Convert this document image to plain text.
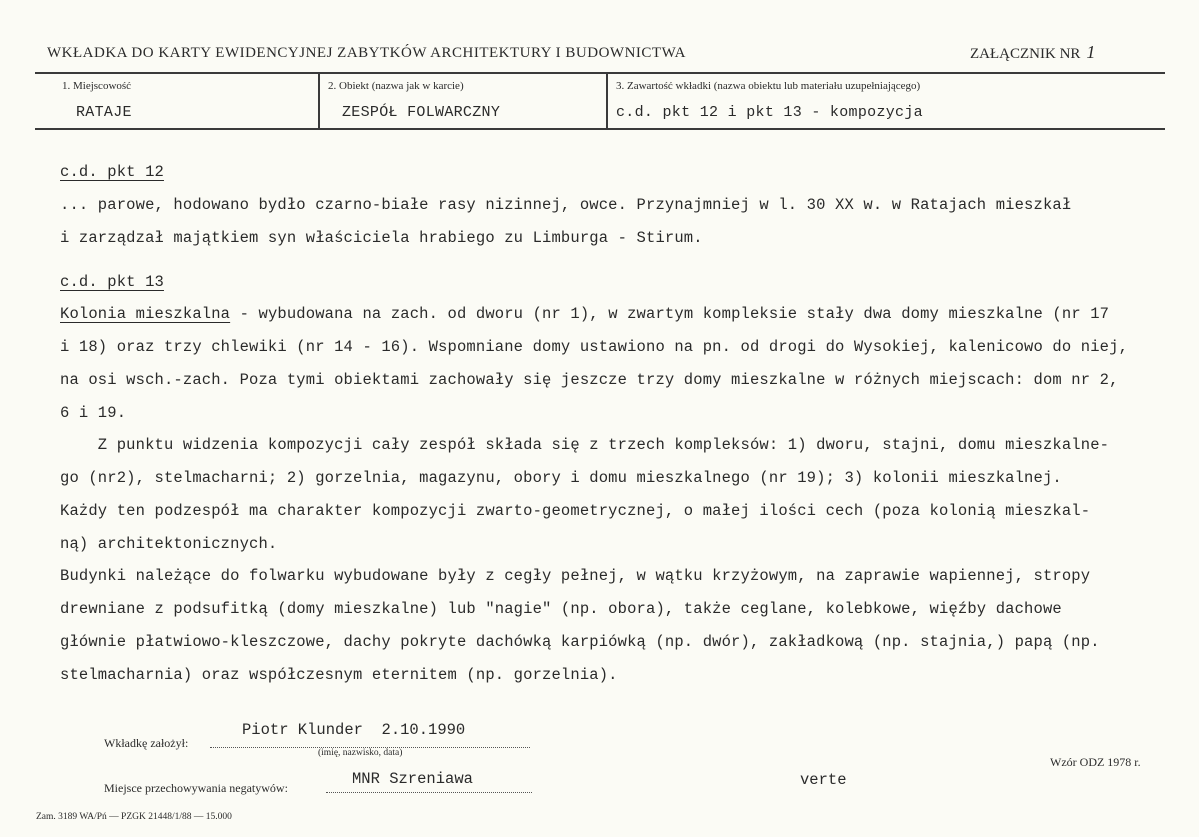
WKŁADKA DO KARTY EWIDENCYJNEJ ZABYTKÓW ARCHITEKTURY I BUDOWNICTWA	ZAŁĄCZNIK NR 1
1. Miejscowość
RATAJE
2. Obiekt (nazwa jak w karcie)
ZESPÓŁ FOLWARCZNY
3. Zawartość wkładki (nazwa obiektu lub materiału uzupełniającego)
c.d. pkt 12 i pkt 13 - kompozycja
c.d. pkt 12
... parowe, hodowano bydło czarno-białe rasy nizinnej, owce. Przynajmniej w l. 30 XX w. w Ratajach mieszkał
i zarządzał majątkiem syn właściciela hrabiego zu Limburga - Stirum.
c.d. pkt 13
Kolonia mieszkalna - wybudowana na zach. od dworu (nr 1), w zwartym kompleksie stały dwa domy mieszkalne (nr 17
i 18) oraz trzy chlewiki (nr 14 - 16). Wspomniane domy ustawiono na pn. od drogi do Wysokiej, kalenicowo do niej,
na osi wsch.-zach. Poza tymi obiektami zachowały się jeszcze trzy domy mieszkalne w różnych miejscach: dom nr 2,
6 i 19.
Z punktu widzenia kompozycji cały zespół składa się z trzech kompleksów: 1) dworu, stajni, domu mieszkalne-
go (nr2), stelmacharni; 2) gorzelnia, magazynu, obory i domu mieszkalnego (nr 19); 3) kolonii mieszkalnej.
Każdy ten podzespół ma charakter kompozycji zwarto-geometrycznej, o małej ilości cech (poza kolonią mieszkal-
ną) architektonicznych.
Budynki należące do folwarku wybudowane były z cegły pełnej, w wątku krzyżowym, na zaprawie wapiennej, stropy
drewniane z podsufitką (domy mieszkalne) lub "nagie" (np. obora), także ceglane, kolebkowe, więźby dachowe
głównie płatwiowo-kleszczowe, dachy pokryte dachówką karpiówką (np. dwór), zakładkową (np. stajnia,) papą (np.
stelmacharnia) oraz współczesnym eternitem (np. gorzelnia).
Wkładkę założył:
Piotr Klunder  2.10.1990
(imię, nazwisko, data)
Miejsce przechowywania negatywów:	MNR Szreniawa	verte
Wzór ODZ 1978 r.
Zam. 3189 WA/Pń — PZGK 21448/1/88 — 15.000
